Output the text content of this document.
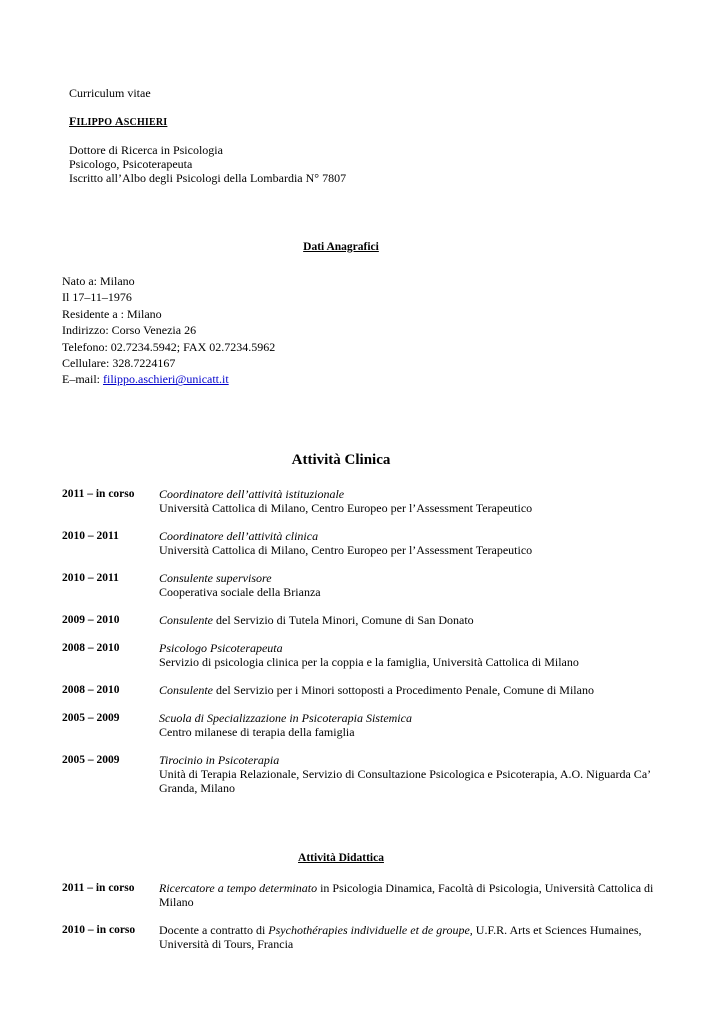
Curriculum vitae
FILIPPO ASCHIERI
Dottore di Ricerca in Psicologia
Psicologo, Psicoterapeuta
Iscritto all’Albo degli Psicologi della Lombardia N° 7807
Dati Anagrafici
Nato a: Milano
Il 17–11–1976
Residente a : Milano
Indirizzo: Corso Venezia 26
Telefono: 02.7234.5942; FAX 02.7234.5962
Cellulare: 328.7224167
E–mail: filippo.aschieri@unicatt.it
Attività Clinica
2011 – in corso	Coordinatore dell’attività istituzionale
Università Cattolica di Milano, Centro Europeo per l’Assessment Terapeutico
2010 – 2011	Coordinatore dell’attività clinica
Università Cattolica di Milano, Centro Europeo per l’Assessment Terapeutico
2010 – 2011	Consulente supervisore
Cooperativa sociale della Brianza
2009 – 2010	Consulente del Servizio di Tutela Minori, Comune di San Donato
2008 – 2010	Psicologo Psicoterapeuta
Servizio di psicologia clinica per la coppia e la famiglia, Università Cattolica di Milano
2008 – 2010	Consulente del Servizio per i Minori sottoposti a Procedimento Penale, Comune di Milano
2005 – 2009	Scuola di Specializzazione in Psicoterapia Sistemica
Centro milanese di terapia della famiglia
2005 – 2009	Tirocinio in Psicoterapia
Unità di Terapia Relazionale, Servizio di Consultazione Psicologica e Psicoterapia, A.O. Niguarda Ca’ Granda, Milano
Attività Didattica
2011 – in corso	Ricercatore a tempo determinato in Psicologia Dinamica, Facoltà di Psicologia, Università Cattolica di Milano
2010 – in corso	Docente a contratto di Psychothérapies individuelle et de groupe, U.F.R. Arts et Sciences Humaines, Università di Tours, Francia
